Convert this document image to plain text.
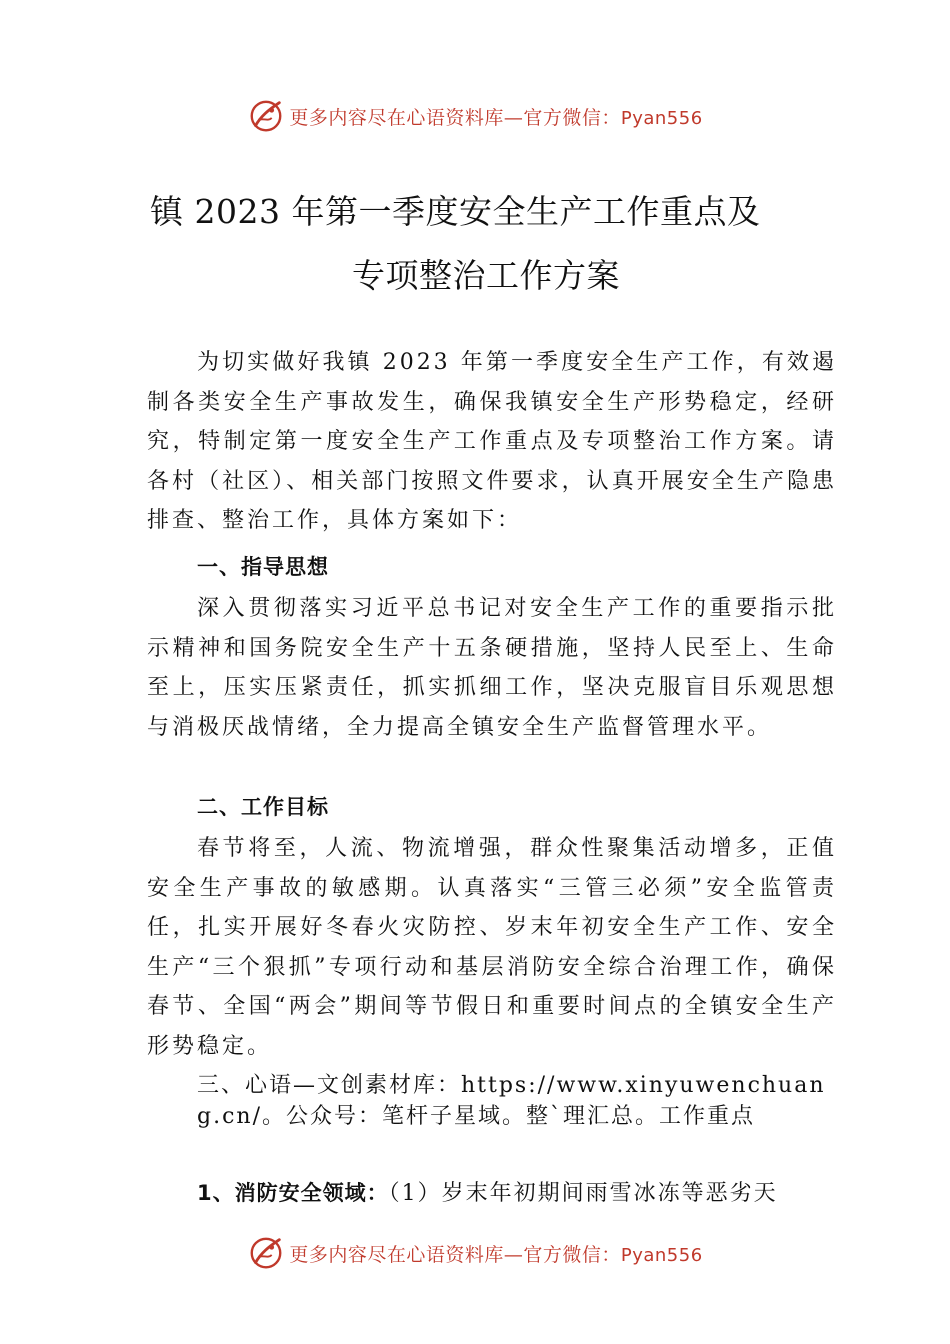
更多内容尽在心语资料库—官方微信：Pyan556
镇 2023 年第一季度安全生产工作重点及
专项整治工作方案

为切实做好我镇 2023 年第一季度安全生产工作，有效遏制各类安全生产事故发生，确保我镇安全生产形势稳定，经研究，特制定第一度安全生产工作重点及专项整治工作方案。请各村（社区）、相关部门按照文件要求，认真开展安全生产隐患排查、整治工作，具体方案如下：

一、指导思想

深入贯彻落实习近平总书记对安全生产工作的重要指示批示精神和国务院安全生产十五条硬措施，坚持人民至上、生命至上，压实压紧责任，抓实抓细工作，坚决克服盲目乐观思想与消极厌战情绪，全力提高全镇安全生产监督管理水平。

二、工作目标

春节将至，人流、物流增强，群众性聚集活动增多，正值安全生产事故的敏感期。认真落实“三管三必须”安全监管责任，扎实开展好冬春火灾防控、岁末年初安全生产工作、安全生产“三个狠抓”专项行动和基层消防安全综合治理工作，确保春节、全国“两会”期间等节假日和重要时间点的全镇安全生产形势稳定。

三、心语—文创素材库：https://www.xinyuwenchuang.cn/。公众号：笔杆子星域。整`理汇总。工作重点

1、消防安全领域：（1）岁末年初期间雨雪冰冻等恶劣天

更多内容尽在心语资料库—官方微信：Pyan556
